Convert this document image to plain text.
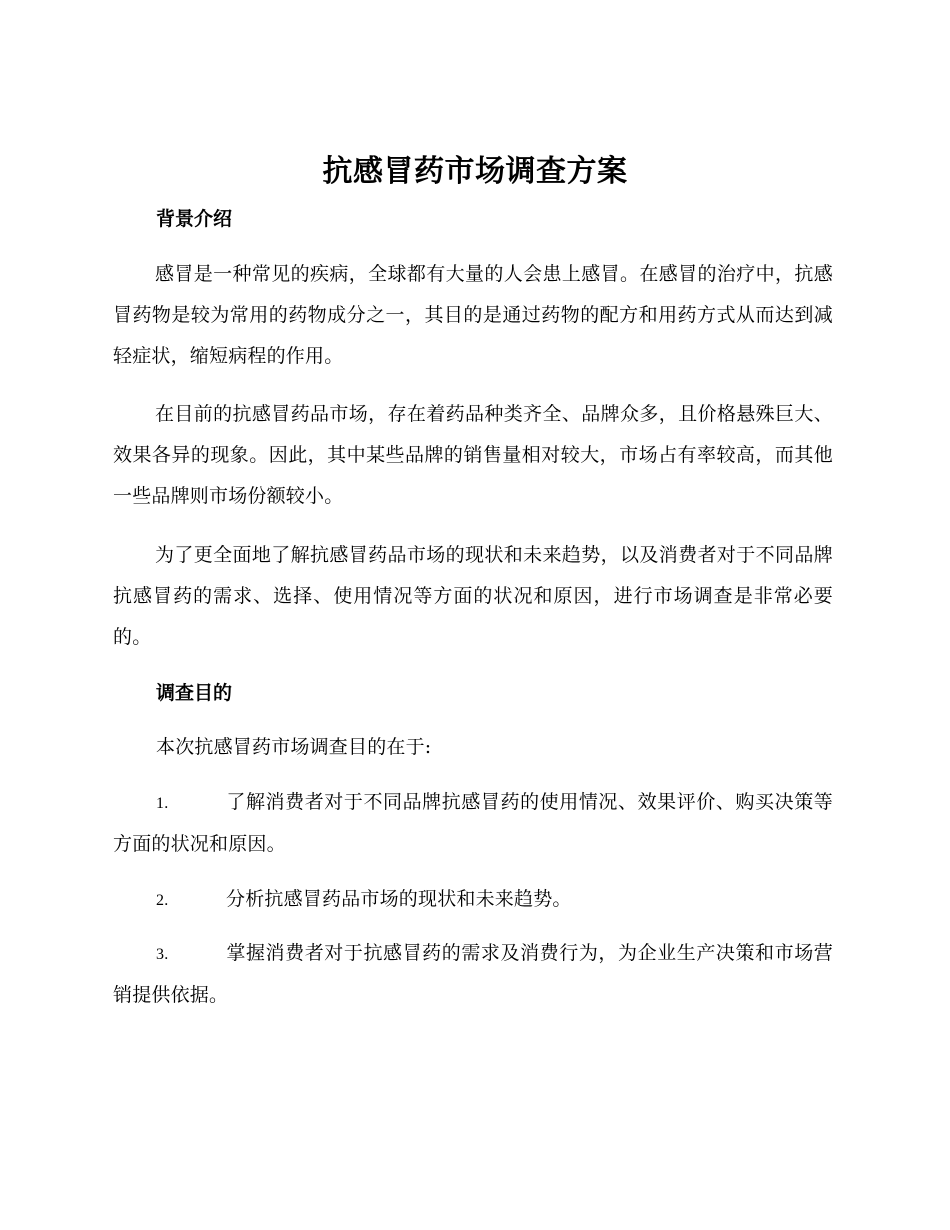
抗感冒药市场调查方案
背景介绍

感冒是一种常见的疾病，全球都有大量的人会患上感冒。在感冒的治疗中，抗感冒药物是较为常用的药物成分之一，其目的是通过药物的配方和用药方式从而达到减轻症状，缩短病程的作用。

在目前的抗感冒药品市场，存在着药品种类齐全、品牌众多，且价格悬殊巨大、效果各异的现象。因此，其中某些品牌的销售量相对较大，市场占有率较高，而其他一些品牌则市场份额较小。

为了更全面地了解抗感冒药品市场的现状和未来趋势，以及消费者对于不同品牌抗感冒药的需求、选择、使用情况等方面的状况和原因，进行市场调查是非常必要的。

调查目的

本次抗感冒药市场调查目的在于:

1.	了解消费者对于不同品牌抗感冒药的使用情况、效果评价、购买决策等方面的状况和原因。

2.	分析抗感冒药品市场的现状和未来趋势。

3.	掌握消费者对于抗感冒药的需求及消费行为，为企业生产决策和市场营销提供依据。
